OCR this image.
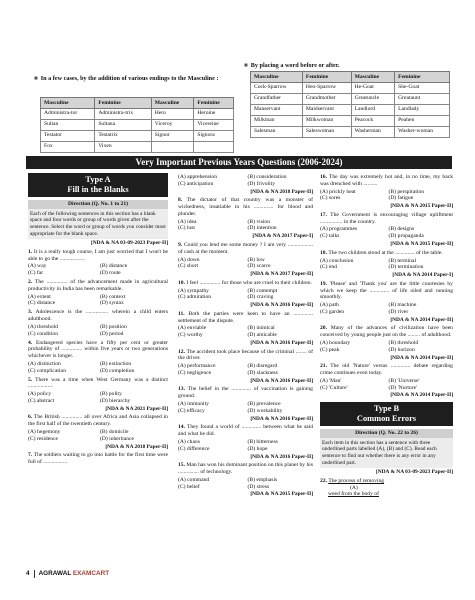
■ In a few cases, by the addition of various endings to the Masculine :
Masculine	Feminine	Masculine	Feminine
Administra-tor	Administra-trix	Hero	Heroine
Sultan	Sultana	Viceroy	Vicereine
Testator	Testatrix	Signor	Signora
Fox	Vixen		
■ By placing a word before or after.
Masculine	Feminine	Masculine	Feminine
Cock-Sparrow	Hen-Sparrow	He-Goat	She-Goat
Grandfather	Grandmother	Greatuncle	Greataunt
Manservant	Maidservant	Landlord	Landlady
Milkman	Milkwoman	Peacock	Peahen
Salesman	Saleswoman	Washerman	Washer-woman
Very Important Previous Years Questions (2006-2024)
Type A
Fill in the Blanks
Direction (Q. No. 1 to 21)
Each of the following sentences in this section has a blank space and four words or group of words given after the sentence. Select the word or group of words you consider most appropriate for the blank space.
[NDA & NA 03-09-2023 Paper-II]
1. It is a really tough course, I am just worried that I won't be able to go the ..................
(A) way	(B) distance
(C) far	(D) route
2. The ............... of the advancement made in agricultural productivity in India has been remarkable.
(A) extent	(B) context
(C) distance	(D) syntax
3. Adolescence is the ................ wherein a child enters adulthood.
(A) threshold	(B) position
(C) condition	(D) period
4. Endangered species have a fifty per cent or greater probability of ............... within five years or two generations whichever is longer.
(A) distinction	(B) extinction
(C) complication	(D) completion
5. There was a time when West Germany was a distinct ..................
(A) policy	(B) polity
(C) abstract	(D) hierarchy
[NDA & NA 2021 Paper-II]
6. The British ............... all over Africa and Asia collapsed in the first half of the twentieth century.
(A) hegemony	(B) domicile
(C) residence	(D) inheritance
[NDA & NA 2018 Paper-II]
7. The soldiers waiting to go into battle for the first time were full of .................
(A) apprehension	(B) consideration
(C) anticipation	(D) frivolity
[NDA & NA 2018 Paper-II]
8. The dictator of that country was a monster of wickedness, insatiable in his .............. for blood and plunder.
(A) idea	(B) vision
(C) lust	(D) intention
[NDA & NA 2017 Paper-I]
9. Could you lend me some money ? I am very .................. of cash at the moment.
(A) down	(B) low
(C) short	(D) scarce
[NDA & NA 2017 Paper-II]
10. I feel ............... for those who are cruel to their children.
(A) sympathy	(B) contempt
(C) admiration	(D) craving
[NDA & NA 2016 Paper-II]
11. Both the parties were keen to have an .............. settlement of the dispute.
(A) enviable	(B) inimical
(C) worthy	(D) amicable
[NDA & NA 2016 Paper-II]
12. The accident took place because of the criminal ........ of the driver.
(A) performance	(B) disregard
(C) negligence	(D) slackness
[NDA & NA 2016 Paper-II]
13. The belief in the .............. of vaccination is gaining ground.
(A) immunity	(B) prevalence
(C) efficacy	(D) workability
[NDA & NA 2016 Paper-II]
14. They found a world of .............. between what he said and what he did.
(A) chaos	(B) bitterness
(C) difference	(D) hope
[NDA & NA 2016 Paper-II]
15. Man has won his dominant position on this planet by his ............... of technology.
(A) command	(B) emphasis
(C) belief	(D) stress
[NDA & NA 2015 Paper-II]
16. The day was extremely hot and, in no time, my back was drenched with ..........
(A) prickly heat	(B) perspiration
(C) sores	(D) fatigue
[NDA & NA 2015 Paper-II]
17. The Government is encouraging village upliftment ................ in the country.
(A) programmes	(B) designs
(C) talks	(D) propaganda
[NDA & NA 2015 Paper-II]
18. The two children stood at the .............. of the table.
(A) conclusion	(B) terminal
(C) end	(D) termination
[NDA & NA 2014 Paper-I]
19. 'Please' and 'Thank you' are the little courtesies by which we keep the .............. of life oiled and running smoothly.
(A) path	(B) machine
(C) garden	(D) river
[NDA & NA 2014 Paper-II]
20. Many of the advances of civilization have been conceived by young people just on the ......... of adulthood.
(A) boundary	(B) threshold
(C) peak	(D) horizon
[NDA & NA 2014 Paper-II]
21. The old 'Nature' versus .............. debate regarding crime continues even today.
(A) 'Man'	(B) 'Universe'
(C) 'Culture'	(D) 'Nurture'
[NDA & NA 2014 Paper-II]
Type B
Common Errors
Direction (Q. No. 22 to 26)
Each item in this section has a sentence with three underlined parts labelled (A), (B) and (C). Read each sentence to find out whether there is any error in any underlined part.
[NDA & NA 03-09-2023 Paper-II]
22. The process of removing
(A)
weed from the body of
4 AGRAWAL EXAMCART
